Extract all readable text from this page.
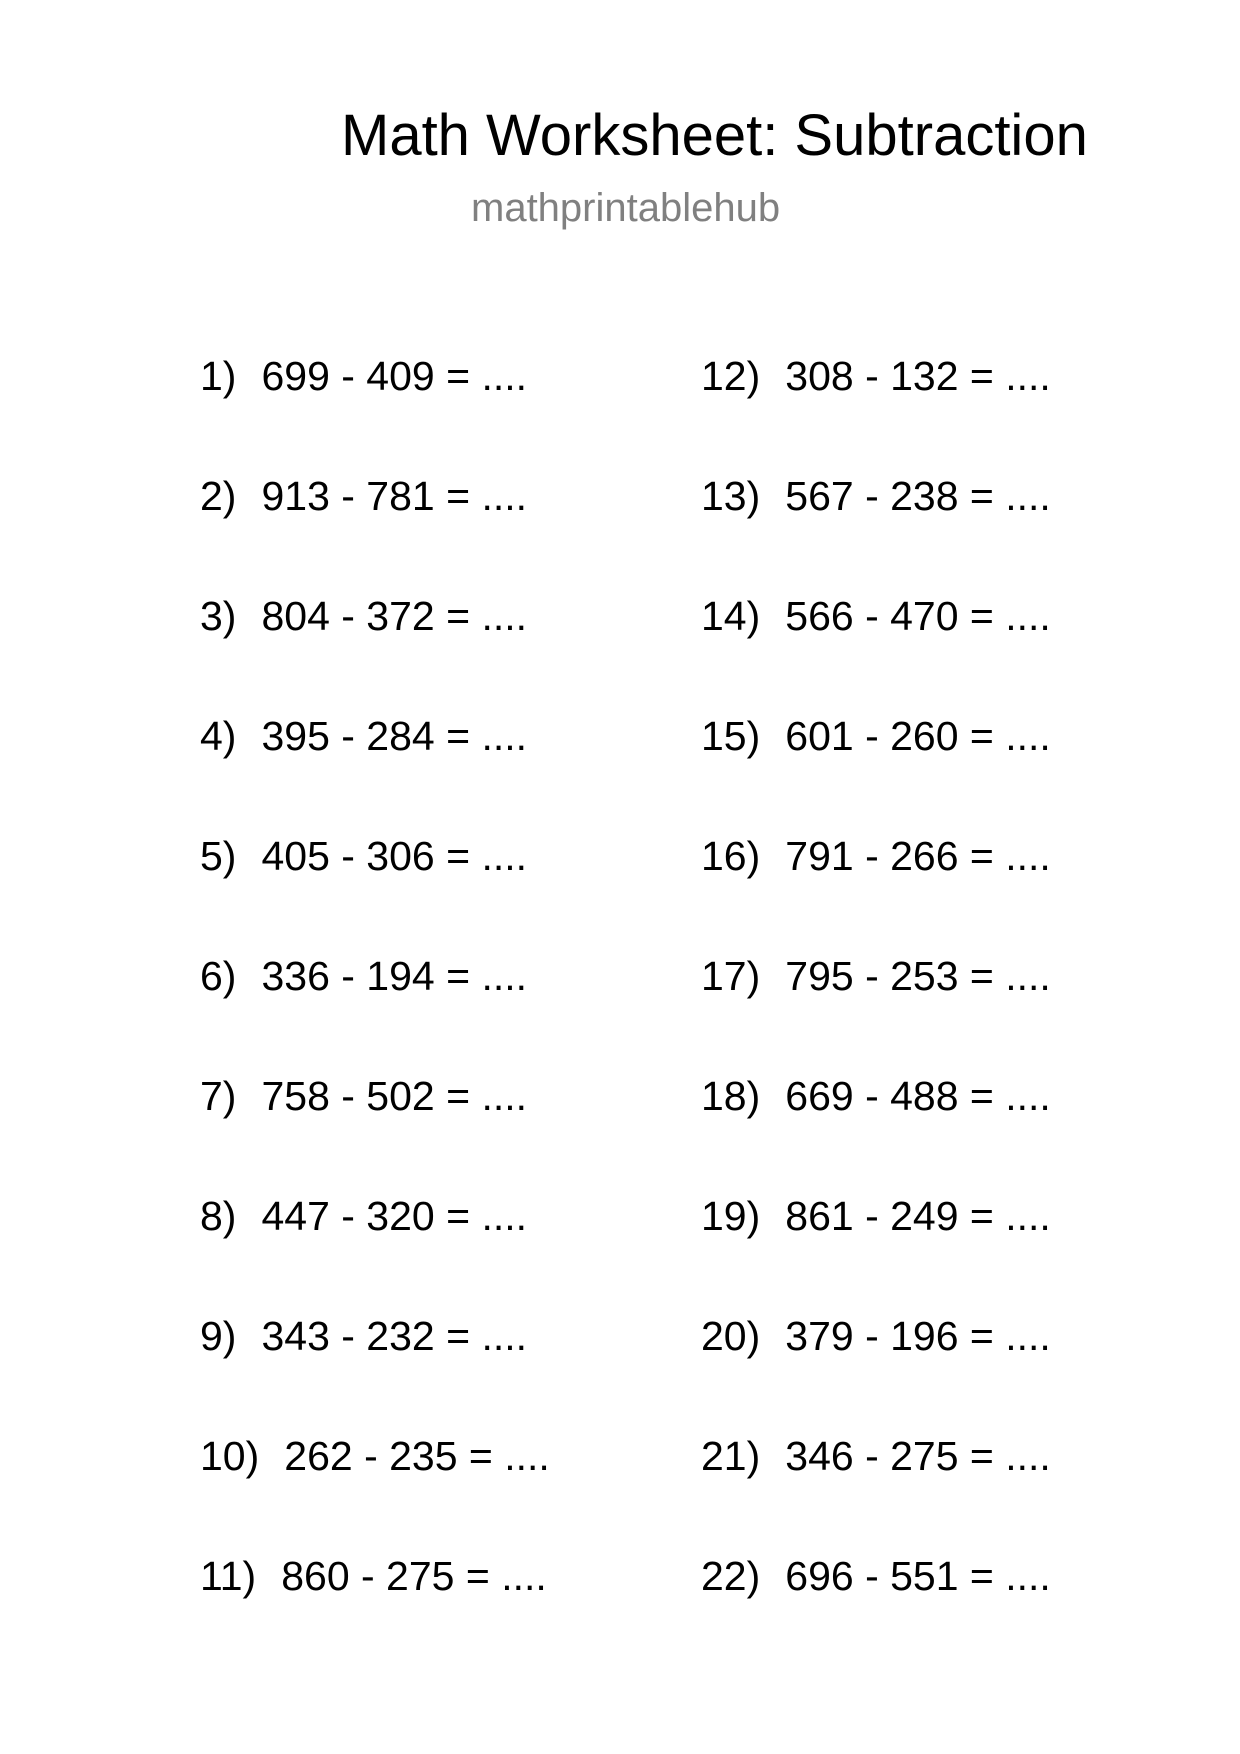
Math Worksheet: Subtraction
mathprintablehub
1) 699 - 409 = ....
2) 913 - 781 = ....
3) 804 - 372 = ....
4) 395 - 284 = ....
5) 405 - 306 = ....
6) 336 - 194 = ....
7) 758 - 502 = ....
8) 447 - 320 = ....
9) 343 - 232 = ....
10) 262 - 235 = ....
11) 860 - 275 = ....
12) 308 - 132 = ....
13) 567 - 238 = ....
14) 566 - 470 = ....
15) 601 - 260 = ....
16) 791 - 266 = ....
17) 795 - 253 = ....
18) 669 - 488 = ....
19) 861 - 249 = ....
20) 379 - 196 = ....
21) 346 - 275 = ....
22) 696 - 551 = ....
